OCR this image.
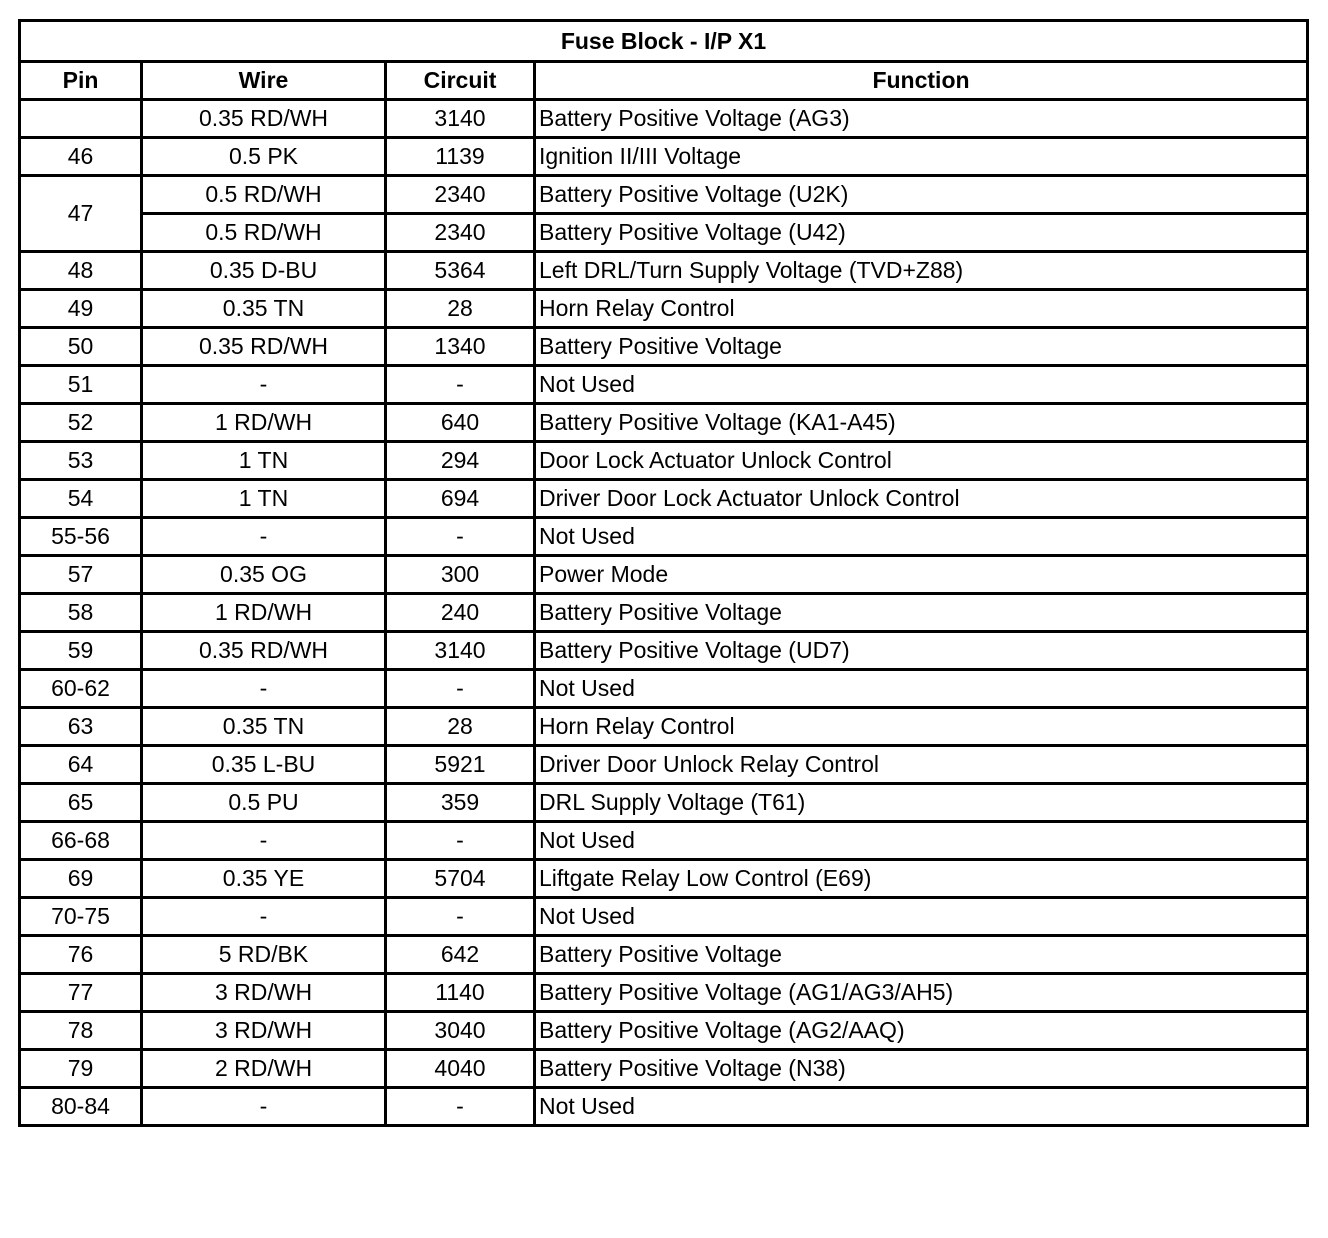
Fuse Block - I/P X1			
Pin	Wire	Circuit	Function
	0.35 RD/WH	3140	Battery Positive Voltage (AG3)
46	0.5 PK	1139	Ignition II/III Voltage
47	0.5 RD/WH	2340	Battery Positive Voltage (U2K)
	0.5 RD/WH	2340	Battery Positive Voltage (U42)
48	0.35 D-BU	5364	Left DRL/Turn Supply Voltage (TVD+Z88)
49	0.35 TN	28	Horn Relay Control
50	0.35 RD/WH	1340	Battery Positive Voltage
51	-	-	Not Used
52	1 RD/WH	640	Battery Positive Voltage (KA1-A45)
53	1 TN	294	Door Lock Actuator Unlock Control
54	1 TN	694	Driver Door Lock Actuator Unlock Control
55-56	-	-	Not Used
57	0.35 OG	300	Power Mode
58	1 RD/WH	240	Battery Positive Voltage
59	0.35 RD/WH	3140	Battery Positive Voltage (UD7)
60-62	-	-	Not Used
63	0.35 TN	28	Horn Relay Control
64	0.35 L-BU	5921	Driver Door Unlock Relay Control
65	0.5 PU	359	DRL Supply Voltage (T61)
66-68	-	-	Not Used
69	0.35 YE	5704	Liftgate Relay Low Control (E69)
70-75	-	-	Not Used
76	5 RD/BK	642	Battery Positive Voltage
77	3 RD/WH	1140	Battery Positive Voltage (AG1/AG3/AH5)
78	3 RD/WH	3040	Battery Positive Voltage (AG2/AAQ)
79	2 RD/WH	4040	Battery Positive Voltage (N38)
80-84	-	-	Not Used
